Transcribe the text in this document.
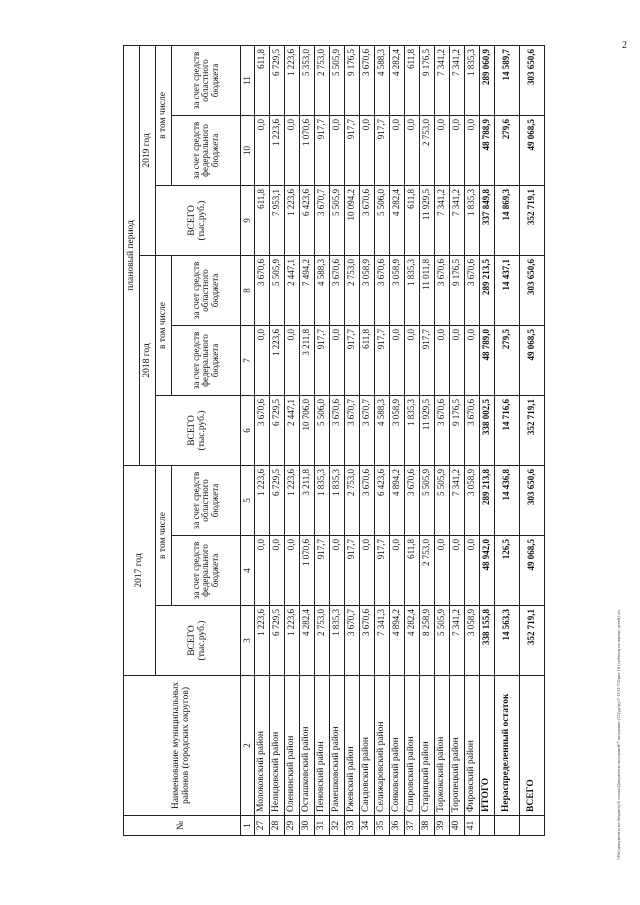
2
№	Наименование муниципальных районов (городских округов)	2017 год			плановый период					
					2018 год			2019 год		
		ВСЕГО (тыс.руб.)	в том числе		ВСЕГО (тыс.руб.)	в том числе		ВСЕГО (тыс.руб.)	в том числе	
			за счет средств федерального бюджета	за счет средств областного бюджета		за счет средств федерального бюджета	за счет средств областного бюджета		за счет средств федерального бюджета	за счет средств областного бюджета
1	2	3	4	5	6	7	8	9	10	11
27	Молоковский район	1 223,6	0,0	1 223,6	3 670,6	0,0	3 670,6	611,8	0,0	611,8
28	Нелидовский район	6 729,5	0,0	6 729,5	6 729,5	1 223,6	5 505,9	7 953,1	1 223,6	6 729,5
29	Оленинский район	1 223,6	0,0	1 223,6	2 447,1	0,0	2 447,1	1 223,6	0,0	1 223,6
30	Осташковский район	4 282,4	1 070,6	3 211,8	10 706,0	3 211,8	7 494,2	6 423,6	1 070,6	5 353,0
31	Пеновский район	2 753,0	917,7	1 835,3	5 506,0	917,7	4 588,3	3 670,7	917,7	2 753,0
32	Рамешковский район	1 835,3	0,0	1 835,3	3 670,6	0,0	3 670,6	5 505,9	0,0	5 505,9
33	Ржевский район	3 670,7	917,7	2 753,0	3 670,7	917,7	2 753,0	10 094,2	917,7	9 176,5
34	Сандовский район	3 670,6	0,0	3 670,6	3 670,7	611,8	3 058,9	3 670,6	0,0	3 670,6
35	Селижаровский район	7 341,3	917,7	6 423,6	4 588,3	917,7	3 670,6	5 506,0	917,7	4 588,3
36	Сонковский район	4 894,2	0,0	4 894,2	3 058,9	0,0	3 058,9	4 282,4	0,0	4 282,4
37	Спировский район	4 282,4	611,8	3 670,6	1 835,3	0,0	1 835,3	611,8	0,0	611,8
38	Старицкий район	8 258,9	2 753,0	5 505,9	11 929,5	917,7	11 011,8	11 929,5	2 753,0	9 176,5
39	Торжокский район	5 505,9	0,0	5 505,9	3 670,6	0,0	3 670,6	7 341,2	0,0	7 341,2
40	Торопецкий район	7 341,2	0,0	7 341,2	9 176,5	0,0	9 176,5	7 341,2	0,0	7 341,2
41	Фировский район	3 058,9	0,0	3 058,9	3 670,6	0,0	3 670,6	1 835,3	0,0	1 835,3
	ИТОГО	338 155,8	48 942,0	289 213,8	338 002,5	48 789,0	289 213,5	337 849,8	48 788,9	289 060,9
	Нераспределенный остаток	14 563,3	126,5	14 436,8	14 716,6	279,5	14 437,1	14 869,3	279,6	14 589,7
	ВСЕГО	352 719,1	49 068,5	303 650,6	352 719,1	49 068,5	303 650,6	352 719,1	49 068,5	303 650,6
\\Pdd\документы по бюджету\6 созыв\Документы заседаний\7 заседание (12)\ру\ру\7 12-П-7\Прил 10 (субвенц на жилые детей).xls
